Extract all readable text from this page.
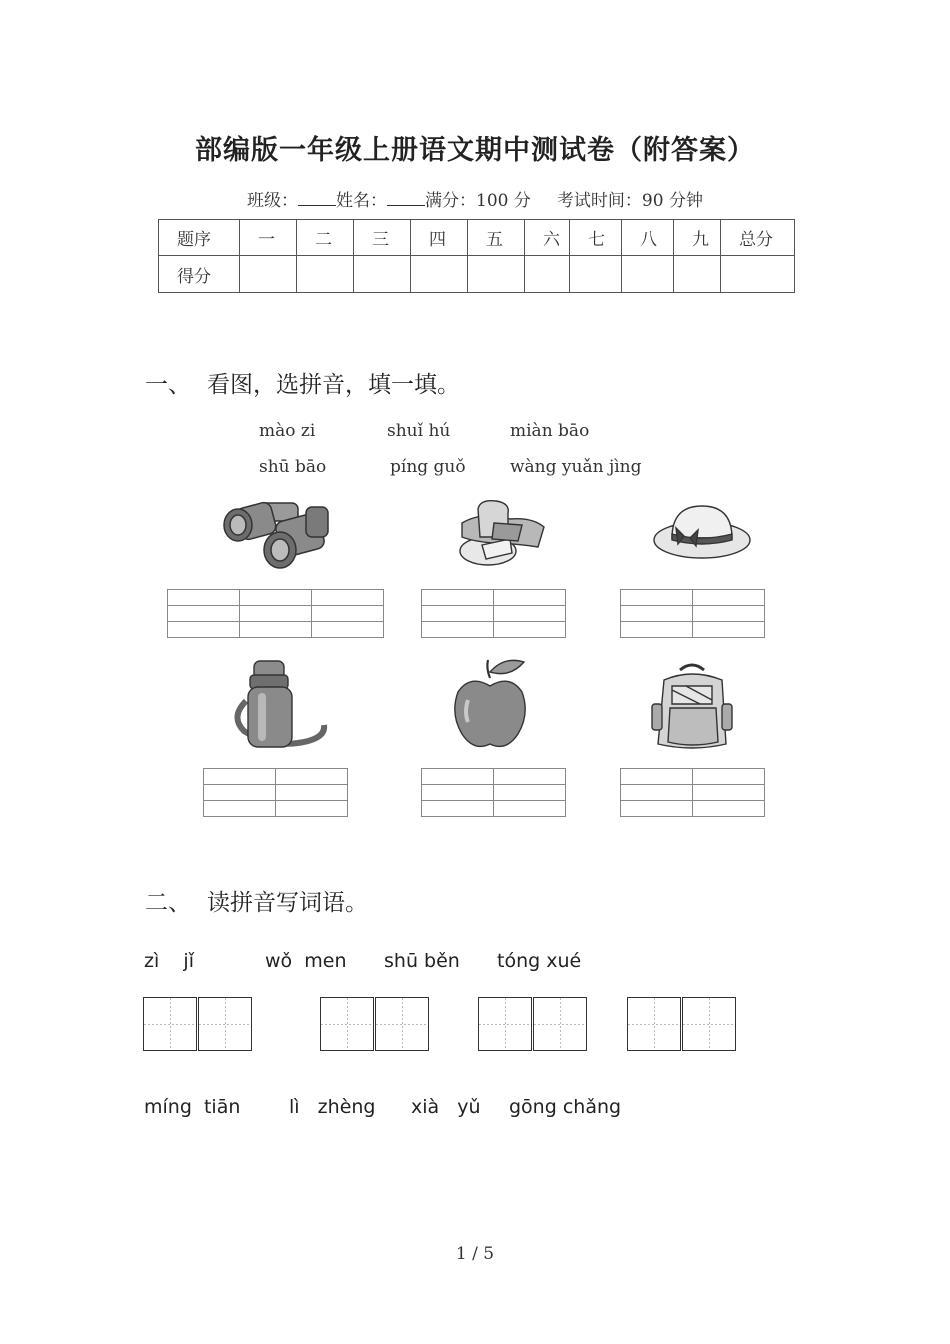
部编版一年级上册语文期中测试卷（附答案）
班级： 姓名： 满分：100 分 考试时间：90 分钟
题序	一	二	三	四	五	六	七	八	九	总分
得分										
一、 看图，选拼音，填一填。
mào zi	shuǐ hú	miàn bāo
shū bāo	píng guǒ	wàng yuǎn jìng

二、 读拼音写词语。
zì    jǐ	wǒ  men shū běn tóng xué
míng  tiān	lì   zhèng xià   yǔ gōng chǎng
1 / 5
